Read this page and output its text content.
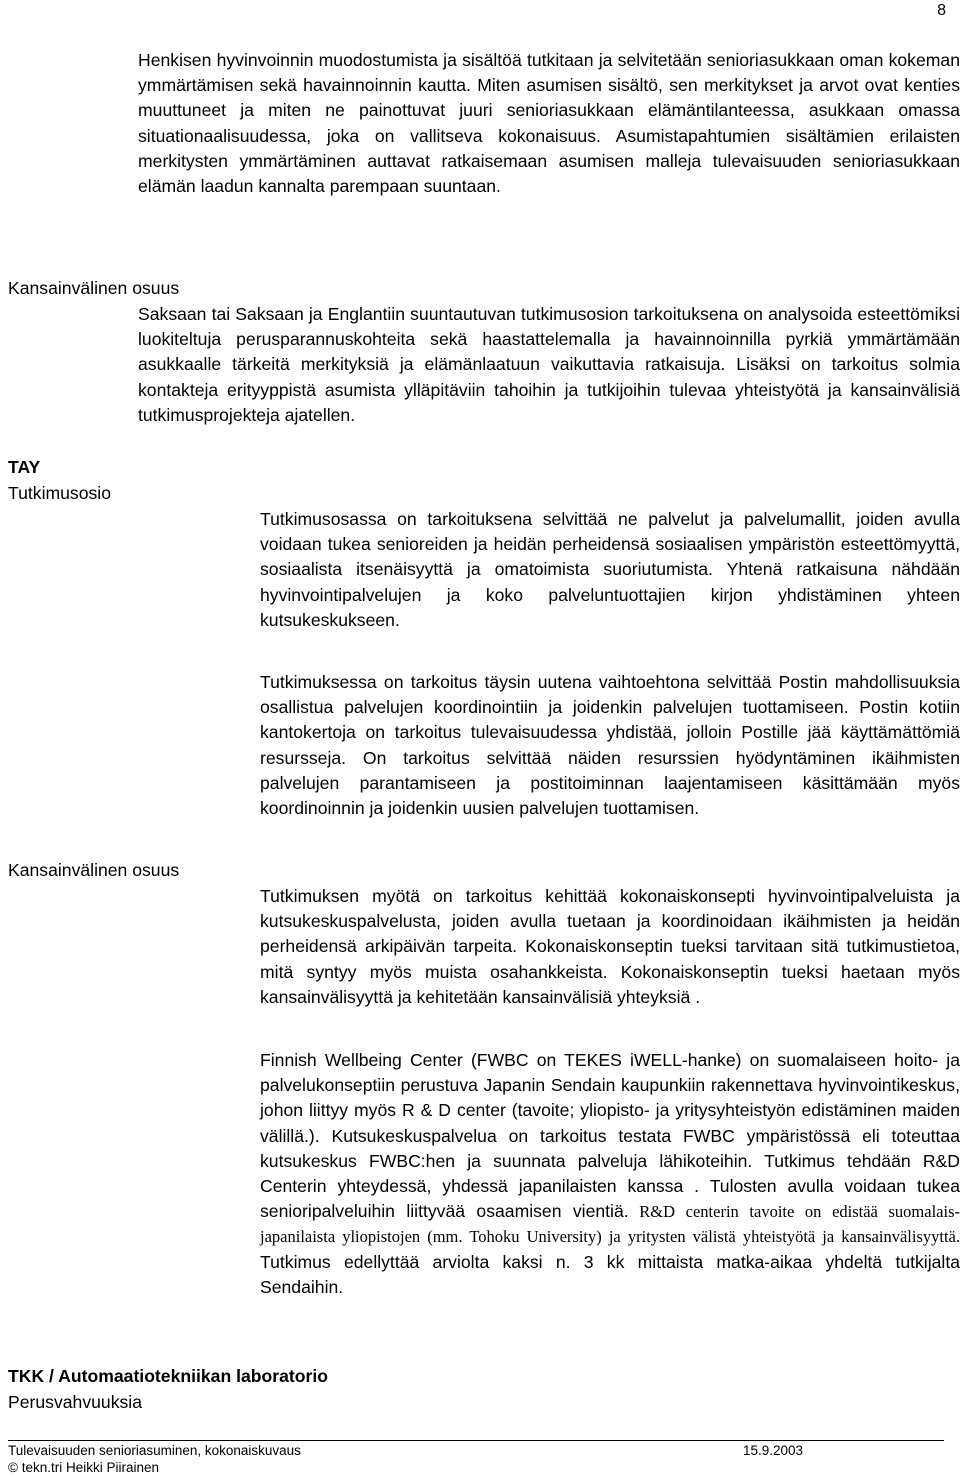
8

Henkisen hyvinvoinnin muodostumista ja sisältöä tutkitaan ja selvitetään senioriasukkaan oman kokeman ymmärtämisen sekä havainnoinnin kautta. Miten asumisen sisältö, sen merkitykset ja arvot ovat kenties muuttuneet ja miten ne painottuvat juuri senioriasukkaan elämäntilanteessa, asukkaan omassa situationaalisuudessa, joka on vallitseva kokonaisuus. Asumistapahtumien sisältämien erilaisten merkitysten ymmärtäminen auttavat ratkaisemaan asumisen malleja tulevaisuuden senioriasukkaan elämän laadun kannalta parempaan suuntaan.

Kansainvälinen osuus

Saksaan tai Saksaan ja Englantiin suuntautuvan tutkimusosion tarkoituksena on analysoida esteettömiksi luokiteltuja perusparannuskohteita sekä haastattelemalla ja havainnoinnilla pyrkiä ymmärtämään asukkaalle tärkeitä merkityksiä ja elämänlaatuun vaikuttavia ratkaisuja. Lisäksi on tarkoitus solmia kontakteja erityyppistä asumista ylläpitäviin tahoihin ja tutkijoihin tulevaa yhteistyötä ja kansainvälisiä tutkimusprojekteja ajatellen.

TAY

Tutkimusosio

Tutkimusosassa on tarkoituksena selvittää ne palvelut ja palvelumallit, joiden avulla voidaan tukea senioreiden ja heidän perheidensä sosiaalisen ympäristön esteettömyyttä, sosiaalista itsenäisyyttä ja omatoimista suoriutumista. Yhtenä ratkaisuna nähdään hyvinvointipalvelujen ja koko palveluntuottajien kirjon yhdistäminen yhteen kutsukeskukseen.

Tutkimuksessa on tarkoitus täysin uutena vaihtoehtona selvittää Postin mahdollisuuksia osallistua palvelujen koordinointiin ja joidenkin palvelujen tuottamiseen. Postin kotiin kantokertoja on tarkoitus tulevaisuudessa yhdistää, jolloin Postille jää käyttämättömiä resursseja. On tarkoitus selvittää näiden resurssien hyödyntäminen ikäihmisten palvelujen parantamiseen ja postitoiminnan laajentamiseen käsittämään myös koordinoinnin ja joidenkin uusien palvelujen tuottamisen.

Kansainvälinen osuus

Tutkimuksen myötä on tarkoitus kehittää kokonaiskonsepti hyvinvointipalveluista ja kutsukeskuspalvelusta, joiden avulla tuetaan ja koordinoidaan ikäihmisten ja heidän perheidensä arkipäivän tarpeita. Kokonaiskonseptin tueksi tarvitaan sitä tutkimustietoa, mitä syntyy myös muista osahankkeista. Kokonaiskonseptin tueksi haetaan myös kansainvälisyyttä ja kehitetään kansainvälisiä yhteyksiä .

Finnish Wellbeing Center (FWBC on TEKES iWELL-hanke) on suomalaiseen hoito- ja palvelukonseptiin perustuva Japanin Sendain kaupunkiin rakennettava hyvinvointikeskus, johon liittyy myös R & D center (tavoite; yliopisto- ja yritysyhteistyön edistäminen maiden välillä.). Kutsukeskuspalvelua on tarkoitus testata FWBC ympäristössä eli toteuttaa kutsukeskus FWBC:hen ja suunnata palveluja lähikoteihin. Tutkimus tehdään R&D Centerin yhteydessä, yhdessä japanilaisten kanssa . Tulosten avulla voidaan tukea senioripalveluihin liittyvää osaamisen vientiä. R&D centerin tavoite on edistää suomalais-japanilaista yliopistojen (mm. Tohoku University) ja yritysten välistä yhteistyötä ja kansainvälisyyttä. Tutkimus edellyttää arviolta kaksi n. 3 kk mittaista matka-aikaa yhdeltä tutkijalta Sendaihin.

TKK / Automaatiotekniikan laboratorio

Perusvahvuuksia

Tulevaisuuden senioriasuminen, kokonaiskuvaus	15.9.2003
© tekn.tri Heikki Piirainen
